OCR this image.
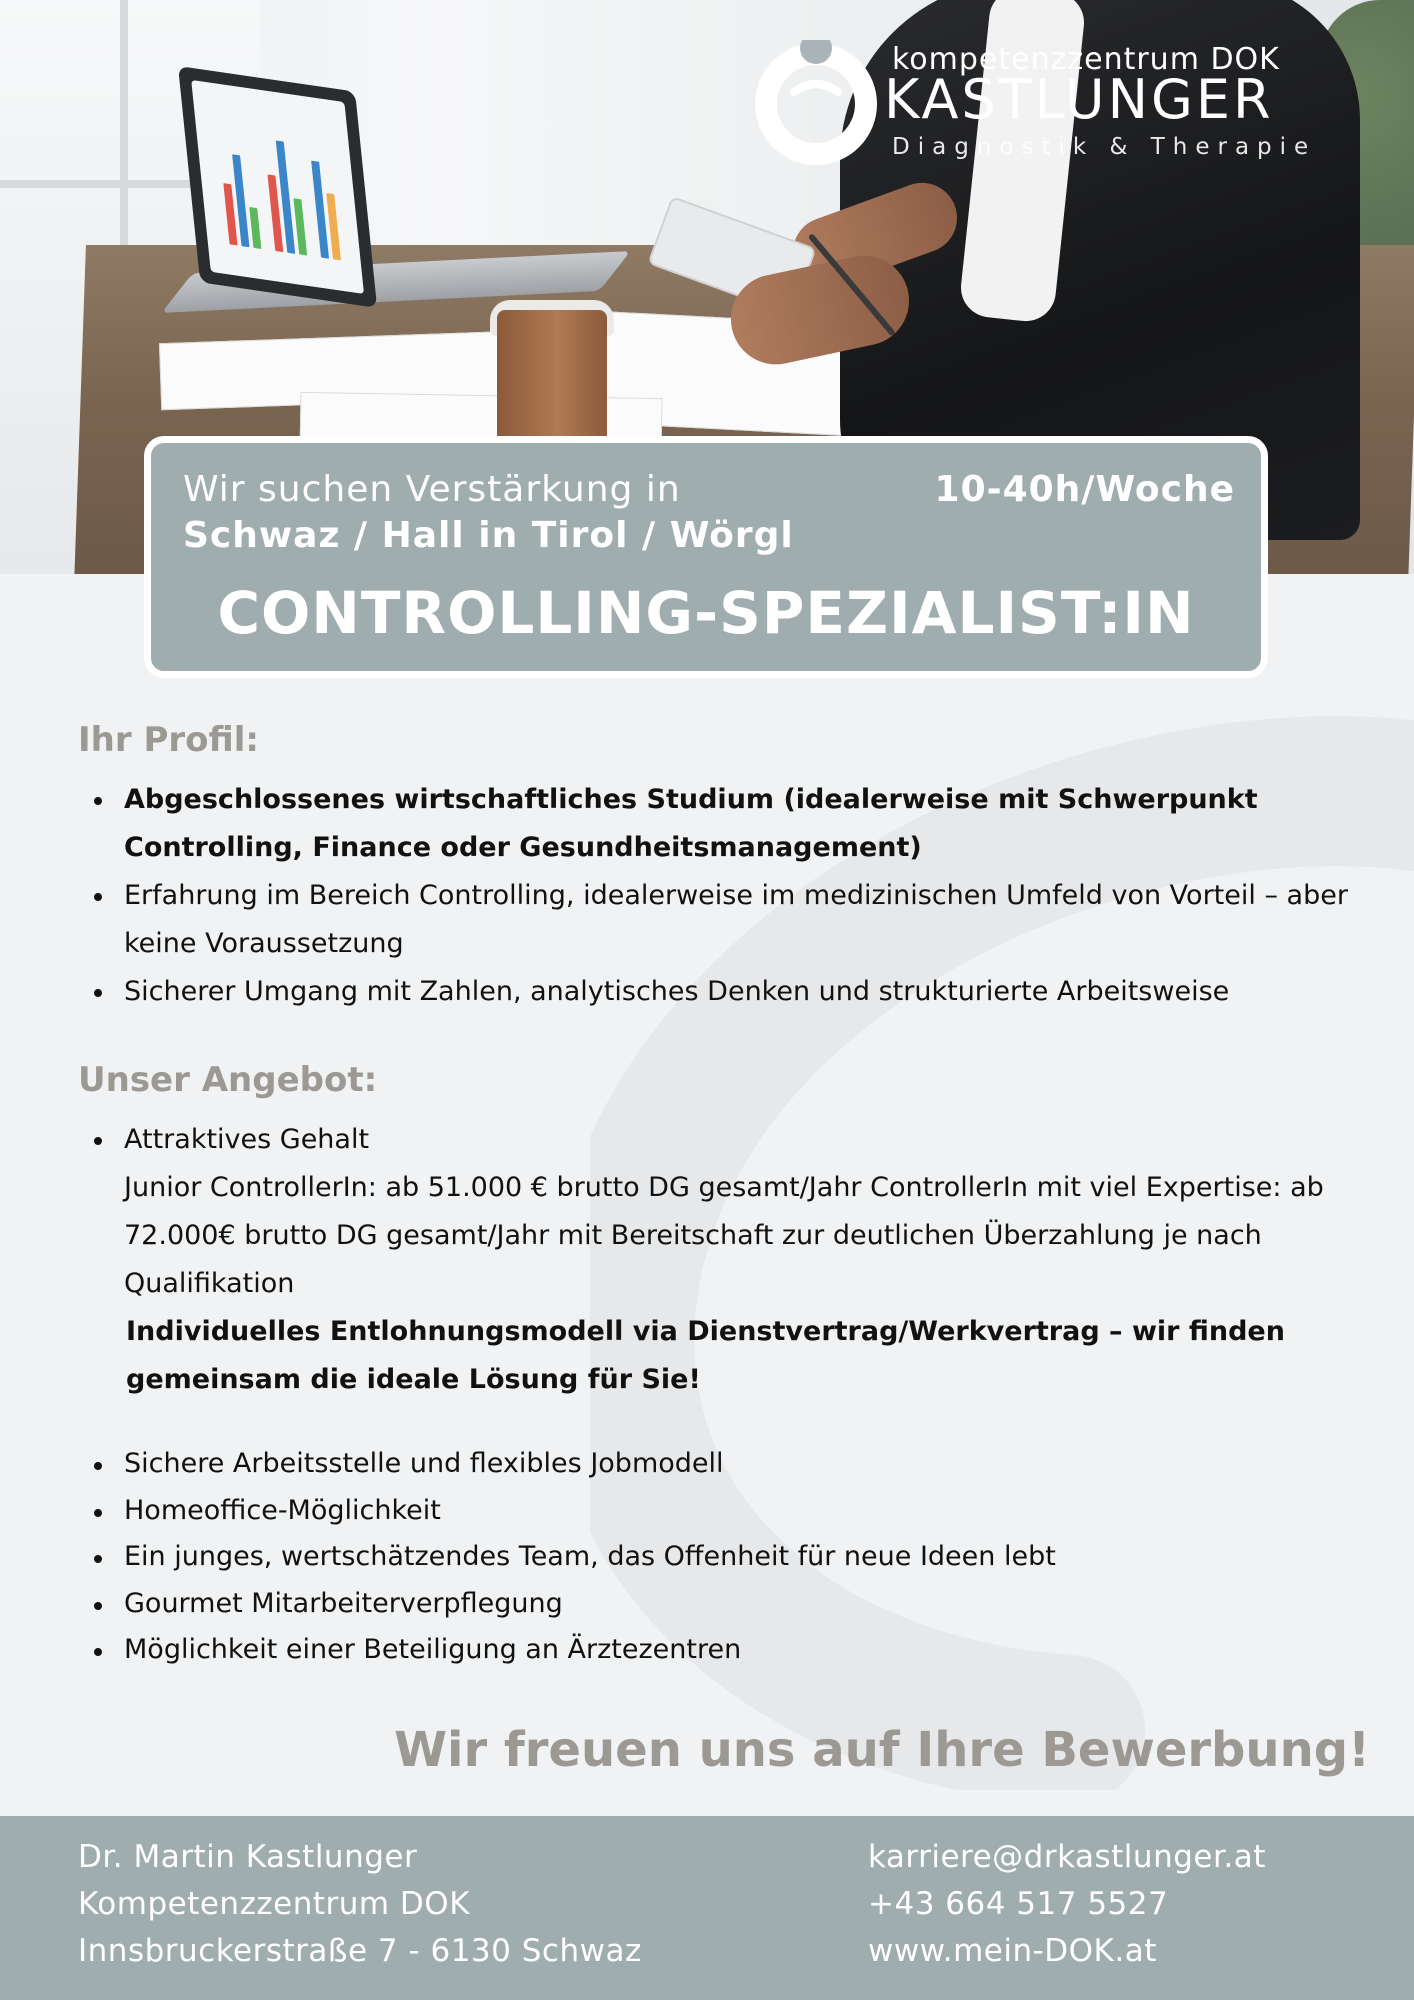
kompetenzzentrum DOK
KASTLUNGER
Diagnostik & Therapie
Wir suchen Verstärkung in
Schwaz / Hall in Tirol / Wörgl
10-40h/Woche
CONTROLLING-SPEZIALIST:IN
Ihr Profil:
Abgeschlossenes wirtschaftliches Studium (idealerweise mit Schwerpunkt Controlling, Finance oder Gesundheitsmanagement)
Erfahrung im Bereich Controlling, idealerweise im medizinischen Umfeld von Vorteil – aber keine Voraussetzung
Sicherer Umgang mit Zahlen, analytisches Denken und strukturierte Arbeitsweise
Unser Angebot:
Attraktives Gehalt
Junior ControllerIn: ab 51.000 € brutto DG gesamt/Jahr ControllerIn mit viel Expertise: ab 72.000€ brutto DG gesamt/Jahr mit Bereitschaft zur deutlichen Überzahlung je nach Qualifikation
Individuelles Entlohnungsmodell via Dienstvertrag/Werkvertrag – wir finden gemeinsam die ideale Lösung für Sie!
Sichere Arbeitsstelle und flexibles Jobmodell
Homeoffice-Möglichkeit
Ein junges, wertschätzendes Team, das Offenheit für neue Ideen lebt
Gourmet Mitarbeiterverpflegung
Möglichkeit einer Beteiligung an Ärztezentren
Wir freuen uns auf Ihre Bewerbung!
Dr. Martin Kastlunger
Kompetenzzentrum DOK
Innsbruckerstraße 7 - 6130 Schwaz
karriere@drkastlunger.at
+43 664 517 5527
www.mein-DOK.at
